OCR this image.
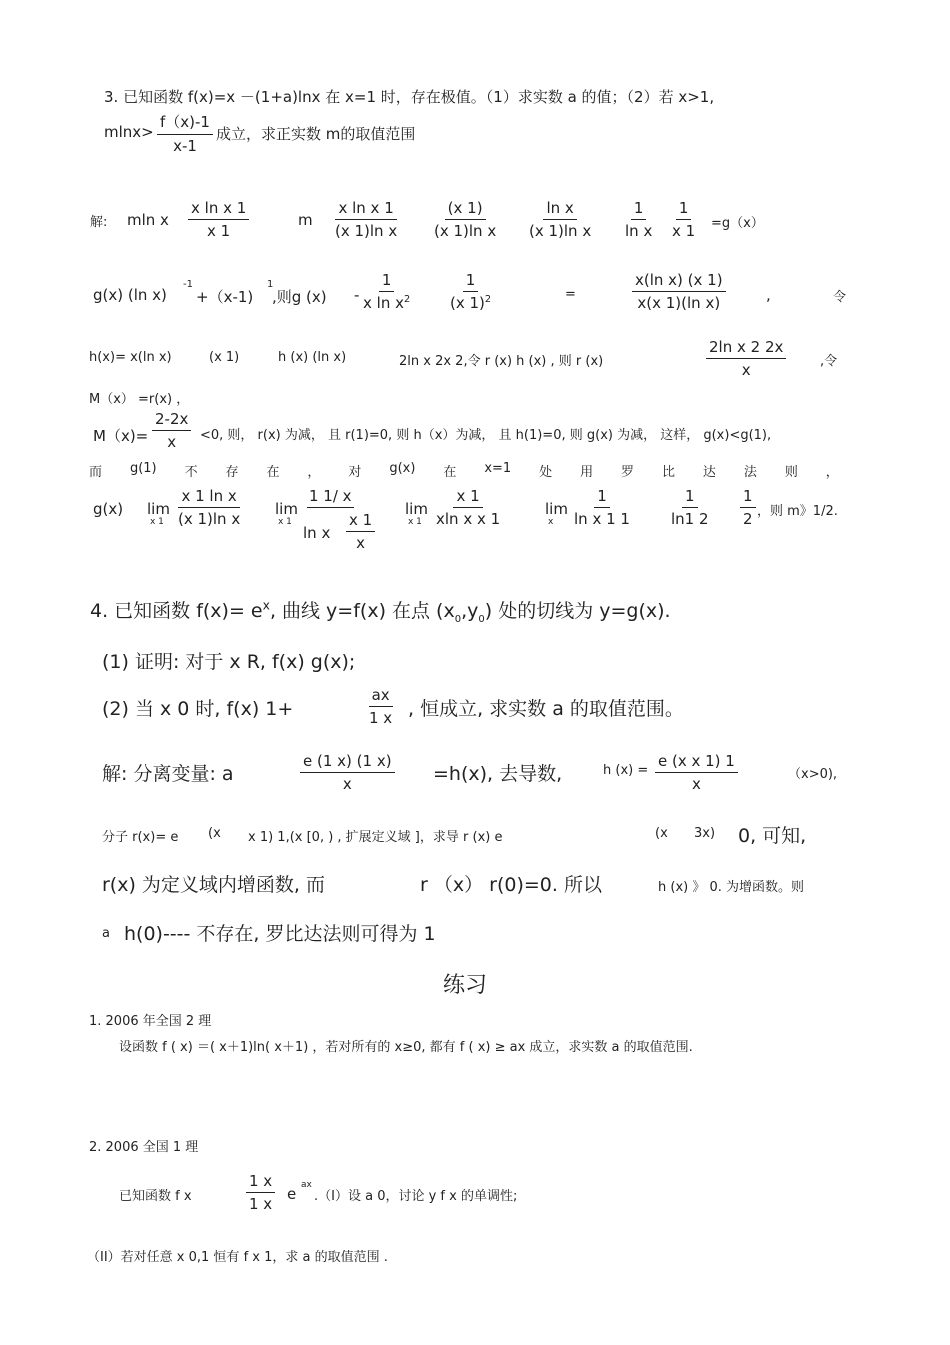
3. 已知函数 f(x)=x －(1+a)lnx 在 x=1 时，存在极值。（1）求实数 a 的值；（2）若 x>1,
$mlnx> \frac{f(x)-1}{x-1}$ 成立，求正实数 m的取值范围
解: mln x $\frac{\text{x ln x 1}}{x 1}$	m $\frac{\text{x ln x 1}}{\text{(x 1)ln x}} \frac{(x 1)}{\text{(x 1)ln x}} \frac{\text{ln x}}{\text{(x 1)ln x}} \frac{1}{\text{ln x}} \frac{1}{x 1} =g(x)$
g(x) (ln x)
-1
+（x-1)
1
,则g $(x) - \frac{1}{x \ln x^2} \frac{1}{(x 1)^2}$	=	$\frac{\text{x(ln x) (x 1)}}{\text{x(x 1)(ln x)}}$	,	令
h(x)= x(ln x)	(x 1)	h (x) (ln x)	2ln x 2x 2,令 r (x) h (x) , 则 r (x)	$\frac{\text{2ln x 2 2x}}{x}$	,令
M（x） =r(x) ，
$M(x)= \frac{2-2x}{x} <0$, 则， r(x) 为减， 且 r(1)=0, 则 h（x）为减， 且 h(1)=0, 则 g(x) 为减， 这样， g(x)<g(1),
而 g(1) 不 存 在 ， 对 g(x) 在 x=1 处 用 罗 比 达 法 则 ，
g(x) lim
x $1 \frac{\text{x 1 ln x}}{\text{(x 1)ln x}}$ lim
x 1
1 1/ x
ln x $\frac{x 1}{x}$
lim
x $1 \frac{x 1}{\text{xln x x 1}}$	lim
x $\frac{1}{\text{ln x 1 1}} \frac{1}{\ln 1 2} \frac{1}{2}$ ，则 m》1/2.
4. 已知函数 $f(x)= e^x$, 曲线 y=f(x) 在点 $(x_0,y_0)$ 处的切线为 y=g(x).
(1) 证明: 对于 x R, f(x) g(x);
(2) 当 x 0 时, f(x) 1+	$\frac{ax}{1 x}$ , 恒成立, 求实数 a 的取值范围。
解: 分离变量: a	$\frac{e (1 x) (1 x)}{x} =h(x)$, 去导数,	h $(x) = \frac{\text{e (x x 1) 1}}{x}$	（x>0),
分子 r(x)= e (x x 1) 1,(x [0, ) , 扩展定义域 ]，求导 r (x) e	(x 3x) 0, 可知,
r(x) 为定义域内增函数, 而	r （x） r(0)=0. 所以	h (x) 》 0. 为增函数。则
a h(0)---- 不存在, 罗比达法则可得为 1
练习
1. 2006 年全国 2 理
设函数 f ( x) ＝( x＋1)ln( x＋1) ，若对所有的 x≥0, 都有 f ( x) ≥ ax 成立，求实数 a 的取值范围.
2. 2006 全国 1 理
已知函数 f x	$\frac{1 x}{1 x}$ e ax
.（I）设 a 0，讨论 y f x 的单调性;
（II）若对任意 x 0,1 恒有 f x 1，求 a 的取值范围 .
